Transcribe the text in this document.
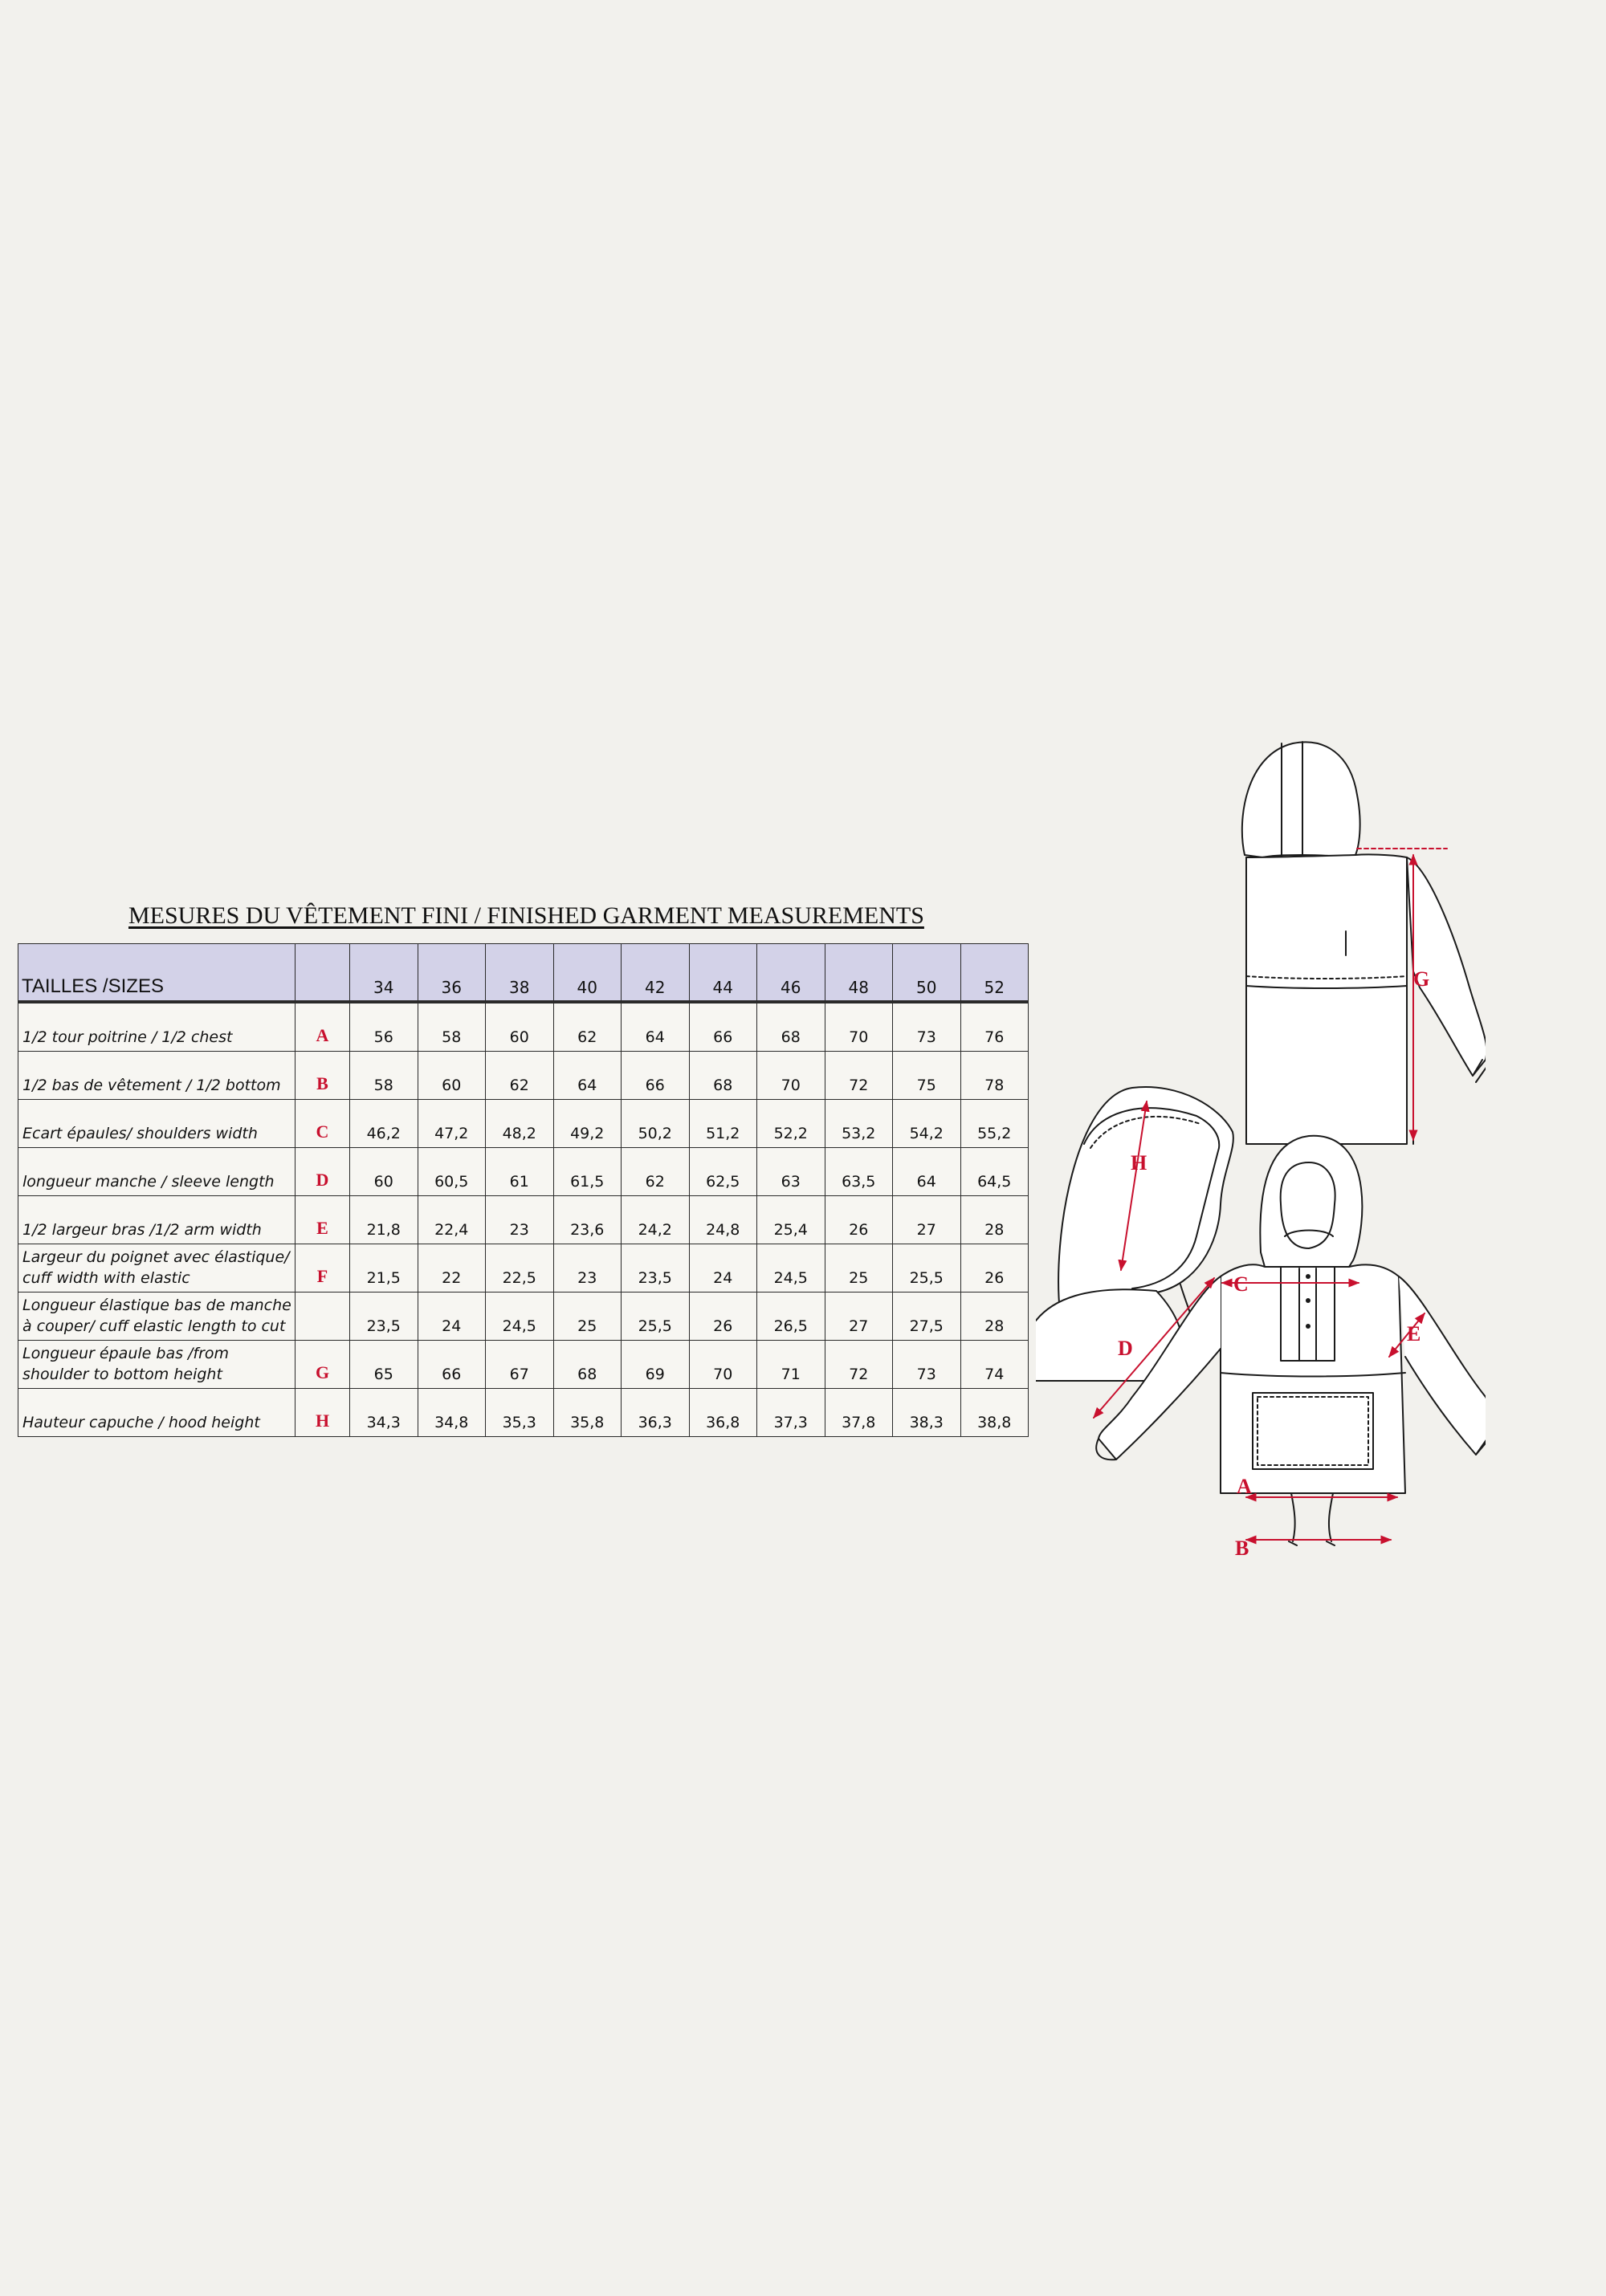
MESURES DU VÊTEMENT FINI / FINISHED GARMENT MEASUREMENTS
TAILLES /SIZES		34	36	38	40	42	44	46	48	50	52
1/2 tour poitrine / 1/2 chest	A	56	58	60	62	64	66	68	70	73	76
1/2 bas de vêtement / 1/2 bottom	B	58	60	62	64	66	68	70	72	75	78
Ecart épaules/ shoulders width	C	46,2	47,2	48,2	49,2	50,2	51,2	52,2	53,2	54,2	55,2
longueur manche / sleeve length	D	60	60,5	61	61,5	62	62,5	63	63,5	64	64,5
1/2 largeur bras /1/2 arm width	E	21,8	22,4	23	23,6	24,2	24,8	25,4	26	27	28
Largeur du poignet avec élastique/ cuff width with elastic	F	21,5	22	22,5	23	23,5	24	24,5	25	25,5	26
Longueur élastique bas de manche à couper/ cuff elastic length to cut		23,5	24	24,5	25	25,5	26	26,5	27	27,5	28
Longueur épaule bas /from shoulder to bottom height	G	65	66	67	68	69	70	71	72	73	74
Hauteur capuche / hood height	H	34,3	34,8	35,3	35,8	36,3	36,8	37,3	37,8	38,3	38,8
G
A
B
C
D
E
H
